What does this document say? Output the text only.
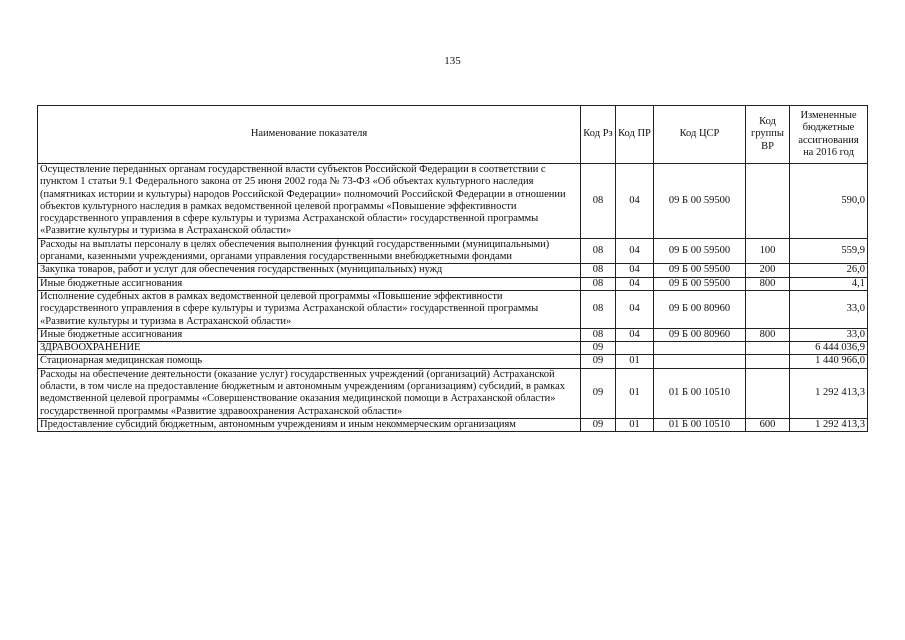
135
Наименование показателя	Код Рз	Код ПР	Код ЦСР	Код группы ВР	Измененные бюджетные ассигнования на 2016 год
Осуществление переданных органам государственной власти субъектов Российской Федерации в соответствии с пунктом 1 статьи 9.1 Федерального закона от 25 июня 2002 года № 73-ФЗ «Об объектах культурного наследия (памятниках истории и культуры) народов Российской Федерации» полномочий Российской Федерации в отношении объектов культурного наследия в рамках ведомственной целевой программы «Повышение эффективности государственного управления в сфере культуры и туризма Астраханской области» государственной программы «Развитие культуры и туризма в Астраханской области»	08	04	09 Б 00 59500		590,0
Расходы на выплаты персоналу в целях обеспечения выполнения функций государственными (муниципальными) органами, казенными учреждениями, органами управления государственными внебюджетными фондами	08	04	09 Б 00 59500	100	559,9
Закупка товаров, работ и услуг для обеспечения государственных (муниципальных) нужд	08	04	09 Б 00 59500	200	26,0
Иные бюджетные ассигнования	08	04	09 Б 00 59500	800	4,1
Исполнение судебных актов в рамках ведомственной целевой программы «Повышение эффективности государственного управления в сфере культуры и туризма Астраханской области» государственной программы «Развитие культуры и туризма в Астраханской области»	08	04	09 Б 00 80960		33,0
Иные бюджетные ассигнования	08	04	09 Б 00 80960	800	33,0
ЗДРАВООХРАНЕНИЕ	09				6 444 036,9
Стационарная медицинская помощь	09	01			1 440 966,0
Расходы на обеспечение деятельности (оказание услуг) государственных учреждений (организаций) Астраханской области, в том числе на предоставление бюджетным и автономным учреждениям (организациям) субсидий, в рамках ведомственной целевой программы «Совершенствование оказания медицинской помощи в Астраханской области» государственной программы «Развитие здравоохранения Астраханской области»	09	01	01 Б 00 10510		1 292 413,3
Предоставление субсидий бюджетным, автономным учреждениям и иным некоммерческим организациям	09	01	01 Б 00 10510	600	1 292 413,3
